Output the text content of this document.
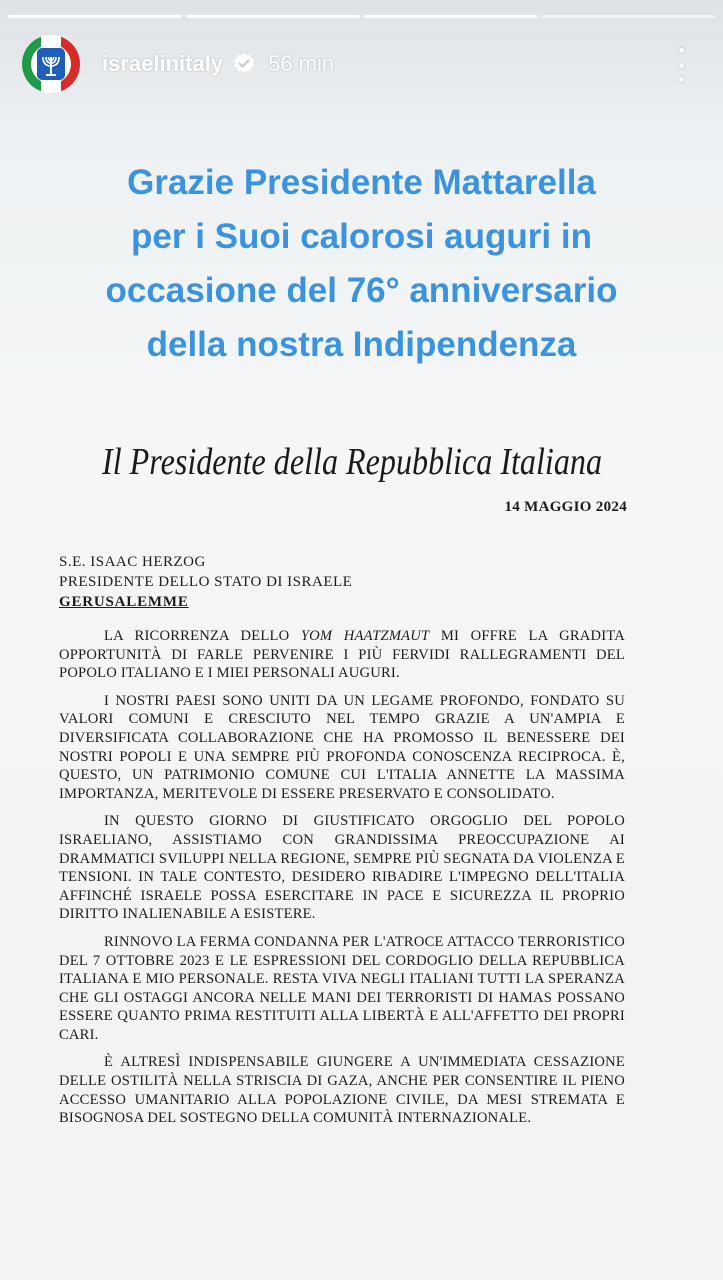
israelinitaly 56 min
Grazie Presidente Mattarella
per i Suoi calorosi auguri in
occasione del 76° anniversario
della nostra Indipendenza
Il Presidente della Repubblica Italiana
14 MAGGIO 2024
S.E. ISAAC HERZOG
PRESIDENTE DELLO STATO DI ISRAELE
GERUSALEMME

LA RICORRENZA DELLO YOM HAATZMAUT MI OFFRE LA GRADITA OPPORTUNITÀ DI FARLE PERVENIRE I PIÙ FERVIDI RALLEGRAMENTI DEL POPOLO ITALIANO E I MIEI PERSONALI AUGURI.

I NOSTRI PAESI SONO UNITI DA UN LEGAME PROFONDO, FONDATO SU VALORI COMUNI E CRESCIUTO NEL TEMPO GRAZIE A UN'AMPIA E DIVERSIFICATA COLLABORAZIONE CHE HA PROMOSSO IL BENESSERE DEI NOSTRI POPOLI E UNA SEMPRE PIÙ PROFONDA CONOSCENZA RECIPROCA. È, QUESTO, UN PATRIMONIO COMUNE CUI L'ITALIA ANNETTE LA MASSIMA IMPORTANZA, MERITEVOLE DI ESSERE PRESERVATO E CONSOLIDATO.

IN QUESTO GIORNO DI GIUSTIFICATO ORGOGLIO DEL POPOLO ISRAELIANO, ASSISTIAMO CON GRANDISSIMA PREOCCUPAZIONE AI DRAMMATICI SVILUPPI NELLA REGIONE, SEMPRE PIÙ SEGNATA DA VIOLENZA E TENSIONI. IN TALE CONTESTO, DESIDERO RIBADIRE L'IMPEGNO DELL'ITALIA AFFINCHÉ ISRAELE POSSA ESERCITARE IN PACE E SICUREZZA IL PROPRIO DIRITTO INALIENABILE A ESISTERE.

RINNOVO LA FERMA CONDANNA PER L'ATROCE ATTACCO TERRORISTICO DEL 7 OTTOBRE 2023 E LE ESPRESSIONI DEL CORDOGLIO DELLA REPUBBLICA ITALIANA E MIO PERSONALE. RESTA VIVA NEGLI ITALIANI TUTTI LA SPERANZA CHE GLI OSTAGGI ANCORA NELLE MANI DEI TERRORISTI DI HAMAS POSSANO ESSERE QUANTO PRIMA RESTITUITI ALLA LIBERTÀ E ALL'AFFETTO DEI PROPRI CARI.

È ALTRESÌ INDISPENSABILE GIUNGERE A UN'IMMEDIATA CESSAZIONE DELLE OSTILITÀ NELLA STRISCIA DI GAZA, ANCHE PER CONSENTIRE IL PIENO ACCESSO UMANITARIO ALLA POPOLAZIONE CIVILE, DA MESI STREMATA E BISOGNOSA DEL SOSTEGNO DELLA COMUNITÀ INTERNAZIONALE.
